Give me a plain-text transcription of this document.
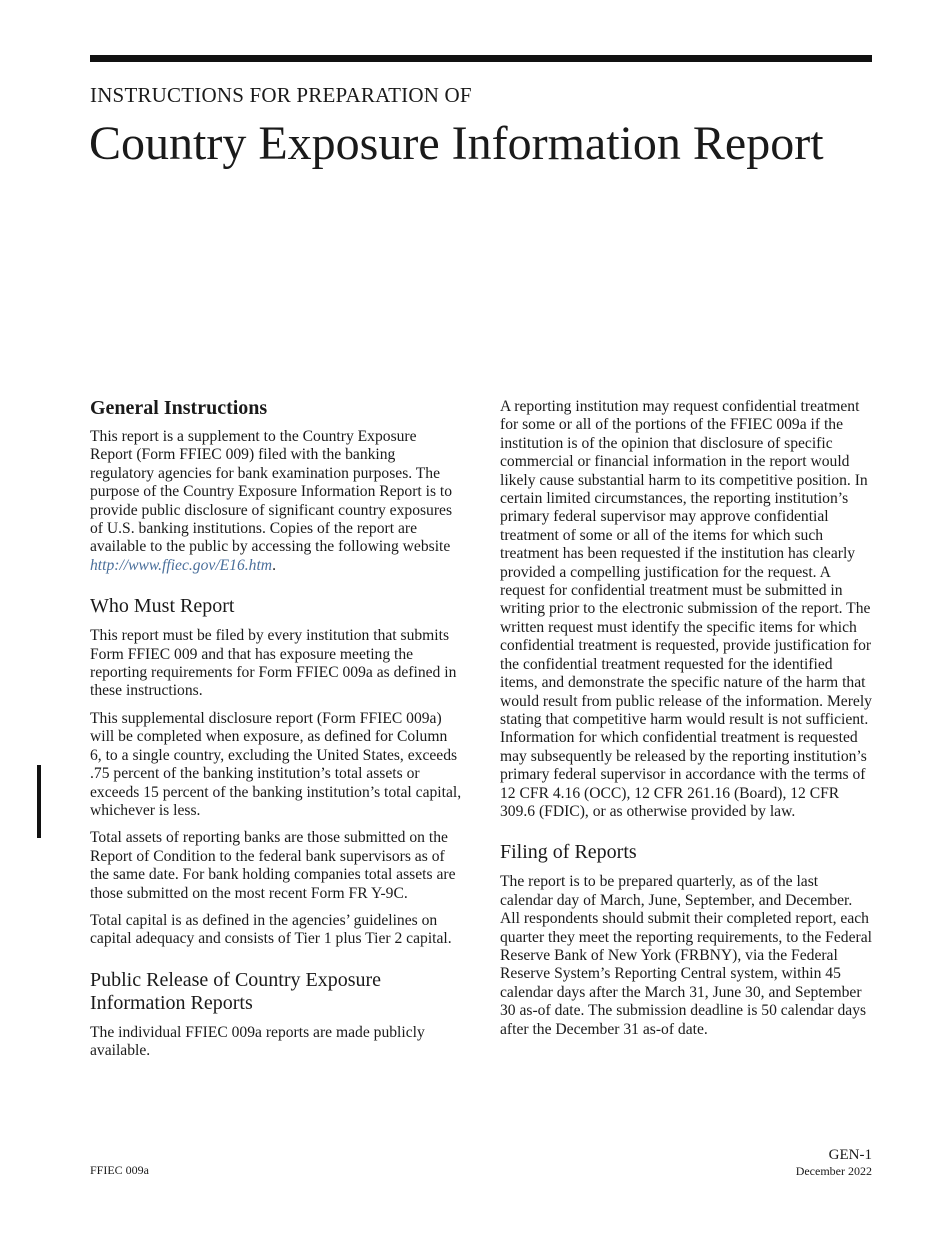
INSTRUCTIONS FOR PREPARATION OF
Country Exposure Information Report
General Instructions

This report is a supplement to the Country Exposure Report (Form FFIEC 009) filed with the banking regulatory agencies for bank examination purposes. The purpose of the Country Exposure Information Report is to provide public disclosure of significant country exposures of U.S. banking institutions. Copies of the report are available to the public by accessing the following website http://www.ffiec.gov/E16.htm.

Who Must Report

This report must be filed by every institution that submits Form FFIEC 009 and that has exposure meeting the reporting requirements for Form FFIEC 009a as defined in these instructions.

This supplemental disclosure report (Form FFIEC 009a) will be completed when exposure, as defined for Column 6, to a single country, excluding the United States, exceeds .75 percent of the banking institution’s total assets or exceeds 15 percent of the banking institution’s total capital, whichever is less.

Total assets of reporting banks are those submitted on the Report of Condition to the federal bank supervisors as of the same date. For bank holding companies total assets are those submitted on the most recent Form FR Y-9C.

Total capital is as defined in the agencies’ guidelines on capital adequacy and consists of Tier 1 plus Tier 2 capital.

Public Release of Country Exposure Information Reports

The individual FFIEC 009a reports are made publicly available.

A reporting institution may request confidential treatment for some or all of the portions of the FFIEC 009a if the institution is of the opinion that disclosure of specific commercial or financial information in the report would likely cause substantial harm to its competitive position. In certain limited circumstances, the reporting institution’s primary federal supervisor may approve confidential treatment of some or all of the items for which such treatment has been requested if the institution has clearly provided a compelling justification for the request. A request for confidential treatment must be submitted in writing prior to the electronic submission of the report. The written request must identify the specific items for which confidential treatment is requested, provide justification for the confidential treatment requested for the identified items, and demonstrate the specific nature of the harm that would result from public release of the information. Merely stating that competitive harm would result is not sufficient. Information for which confidential treatment is requested may subsequently be released by the reporting institution’s primary federal supervisor in accordance with the terms of 12 CFR 4.16 (OCC), 12 CFR 261.16 (Board), 12 CFR 309.6 (FDIC), or as otherwise provided by law.

Filing of Reports

The report is to be prepared quarterly, as of the last calendar day of March, June, September, and December. All respondents should submit their completed report, each quarter they meet the reporting requirements, to the Federal Reserve Bank of New York (FRBNY), via the Federal Reserve System’s Reporting Central system, within 45 calendar days after the March 31, June 30, and September 30 as-of date. The submission deadline is 50 calendar days after the December 31 as-of date.

FFIEC 009a
GEN-1
December 2022
